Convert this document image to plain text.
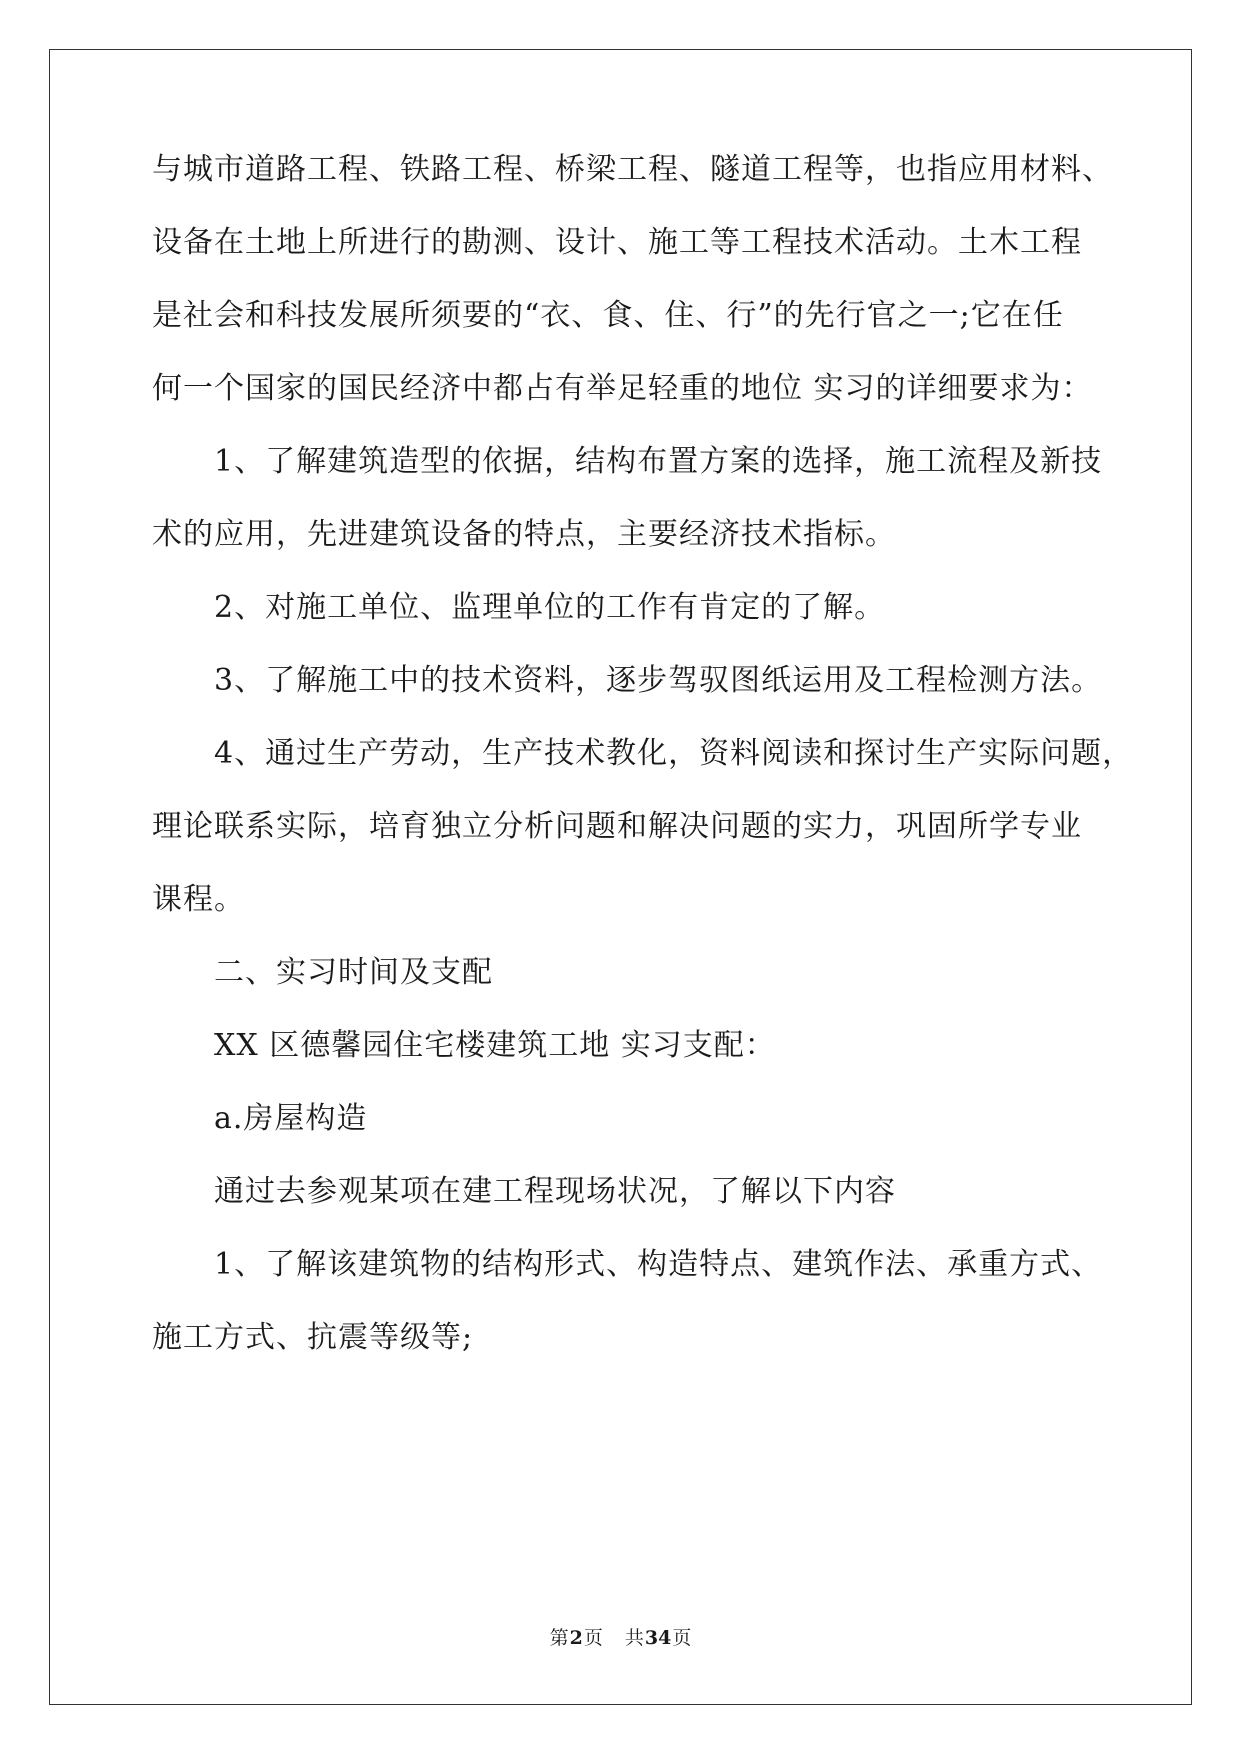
与城市道路工程、铁路工程、桥梁工程、隧道工程等，也指应用材料、
设备在土地上所进行的勘测、设计、施工等工程技术活动。土木工程
是社会和科技发展所须要的“衣、食、住、行”的先行官之一;它在任
何一个国家的国民经济中都占有举足轻重的地位 实习的详细要求为：
1、了解建筑造型的依据，结构布置方案的选择，施工流程及新技
术的应用，先进建筑设备的特点，主要经济技术指标。
2、对施工单位、监理单位的工作有肯定的了解。
3、了解施工中的技术资料，逐步驾驭图纸运用及工程检测方法。
4、通过生产劳动，生产技术教化，资料阅读和探讨生产实际问题，
理论联系实际，培育独立分析问题和解决问题的实力，巩固所学专业
课程。
二、实习时间及支配
XX 区德馨园住宅楼建筑工地 实习支配：
a.房屋构造
通过去参观某项在建工程现场状况，了解以下内容
1、了解该建筑物的结构形式、构造特点、建筑作法、承重方式、
施工方式、抗震等级等;
第2页 共34页
